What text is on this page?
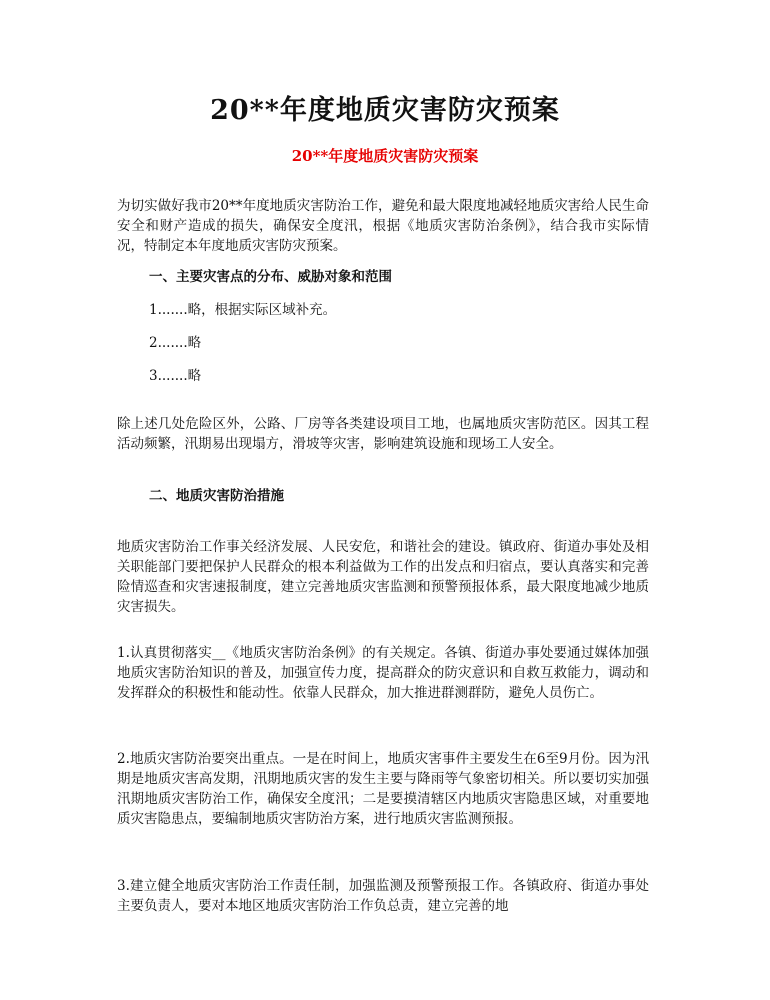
20**年度地质灾害防灾预案
20**年度地质灾害防灾预案

为切实做好我市20**年度地质灾害防治工作，避免和最大限度地减轻地质灾害给人民生命安全和财产造成的损失，确保安全度汛，根据《地质灾害防治条例》，结合我市实际情况，特制定本年度地质灾害防灾预案。

一、主要灾害点的分布、威胁对象和范围

1.......略，根据实际区域补充。

2.......略

3.......略

除上述几处危险区外，公路、厂房等各类建设项目工地，也属地质灾害防范区。因其工程活动频繁，汛期易出现塌方，滑坡等灾害，影响建筑设施和现场工人安全。

二、地质灾害防治措施

地质灾害防治工作事关经济发展、人民安危，和谐社会的建设。镇政府、街道办事处及相关职能部门要把保护人民群众的根本利益做为工作的出发点和归宿点，要认真落实和完善险情巡查和灾害速报制度，建立完善地质灾害监测和预警预报体系，最大限度地减少地质灾害损失。

1.认真贯彻落实__《地质灾害防治条例》的有关规定。各镇、街道办事处要通过媒体加强地质灾害防治知识的普及，加强宣传力度，提高群众的防灾意识和自救互救能力，调动和发挥群众的积极性和能动性。依靠人民群众，加大推进群测群防，避免人员伤亡。

2.地质灾害防治要突出重点。一是在时间上，地质灾害事件主要发生在6至9月份。因为汛期是地质灾害高发期，汛期地质灾害的发生主要与降雨等气象密切相关。所以要切实加强汛期地质灾害防治工作，确保安全度汛；二是要摸清辖区内地质灾害隐患区域，对重要地质灾害隐患点，要编制地质灾害防治方案，进行地质灾害监测预报。

3.建立健全地质灾害防治工作责任制，加强监测及预警预报工作。各镇政府、街道办事处主要负责人，要对本地区地质灾害防治工作负总责，建立完善的地
